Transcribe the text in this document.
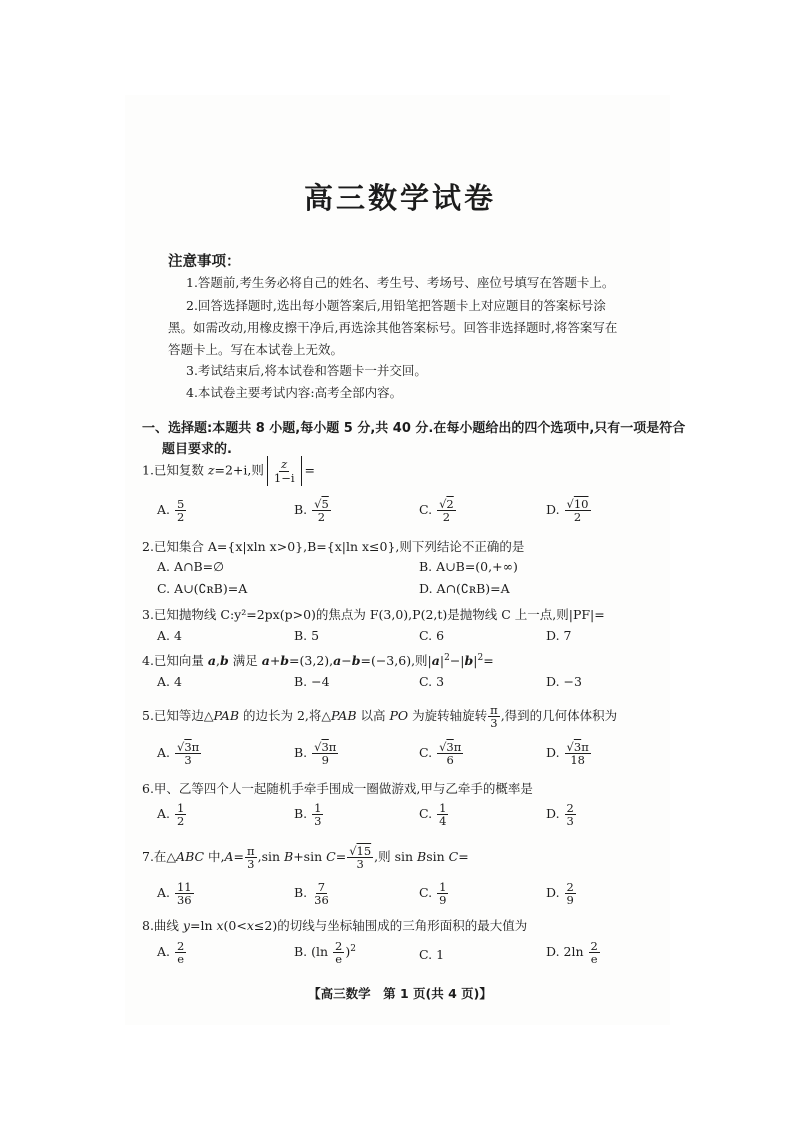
高三数学试卷
注意事项：
1.答题前,考生务必将自己的姓名、考生号、考场号、座位号填写在答题卡上。
2.回答选择题时,选出每小题答案后,用铅笔把答题卡上对应题目的答案标号涂
黑。如需改动,用橡皮擦干净后,再选涂其他答案标号。回答非选择题时,将答案写在
答题卡上。写在本试卷上无效。
3.考试结束后,将本试卷和答题卡一并交回。
4.本试卷主要考试内容:高考全部内容。
一、选择题:本题共 8 小题,每小题 5 分,共 40 分.在每小题给出的四个选项中,只有一项是符合
题目要求的.
1.已知复数 z=2+i,则 $\frac{z}{1-i}$ =
A. $\frac{5}{2}$	B. $\frac{√5}{2}$	C. $\frac{√2}{2}$	D. $\frac{√10}{2}$
2.已知集合 A={x|xln x>0},B={x|ln x≤0},则下列结论不正确的是
A. A∩B=∅	B. A∪B=(0,+∞)
C. A∪(∁ʀB)=A	D. A∩(∁ʀB)=A
3.已知抛物线 C:y²=2px(p>0)的焦点为 F(3,0),P(2,t)是抛物线 C 上一点,则|PF|=
A. 4	B. 5	C. 6	D. 7
4.已知向量 a,b 满足 a+b=(3,2),a−b=(−3,6),则$|a|^2-|b|^2=$
A. 4	B. −4	C. 3	D. −3
5.已知等边△PAB 的边长为 2,将△PAB 以高 PO 为旋转轴旋转 $\frac{\pi}{3}$ ,得到的几何体体积为
A. $\frac{√3\pi}{3}$	B. $\frac{√3\pi}{9}$	C. $\frac{√3\pi}{6}$	D. $\frac{√3\pi}{18}$
6.甲、乙等四个人一起随机手牵手围成一圈做游戏,甲与乙牵手的概率是
A. $\frac{1}{2}$	B. $\frac{1}{3}$	C. $\frac{1}{4}$	D. $\frac{2}{3}$
7.在△ABC 中$,A= \frac{\pi}{3} ,\sin$ B+sin $C= \frac{√15}{3}$ ,则 sin Bsin C=
A. $\frac{11}{36}$	B. $\frac{7}{36}$	C. $\frac{1}{9}$	D. $\frac{2}{9}$
8.曲线 y=ln x(0<x≤2)的切线与坐标轴围成的三角形面积的最大值为
A. $\frac{2}{e}$	B. $(\ln \frac{2}{e} )^2$	C. 1	D. $2\ln \frac{2}{e}$
【高三数学　第 1 页(共 4 页)】
